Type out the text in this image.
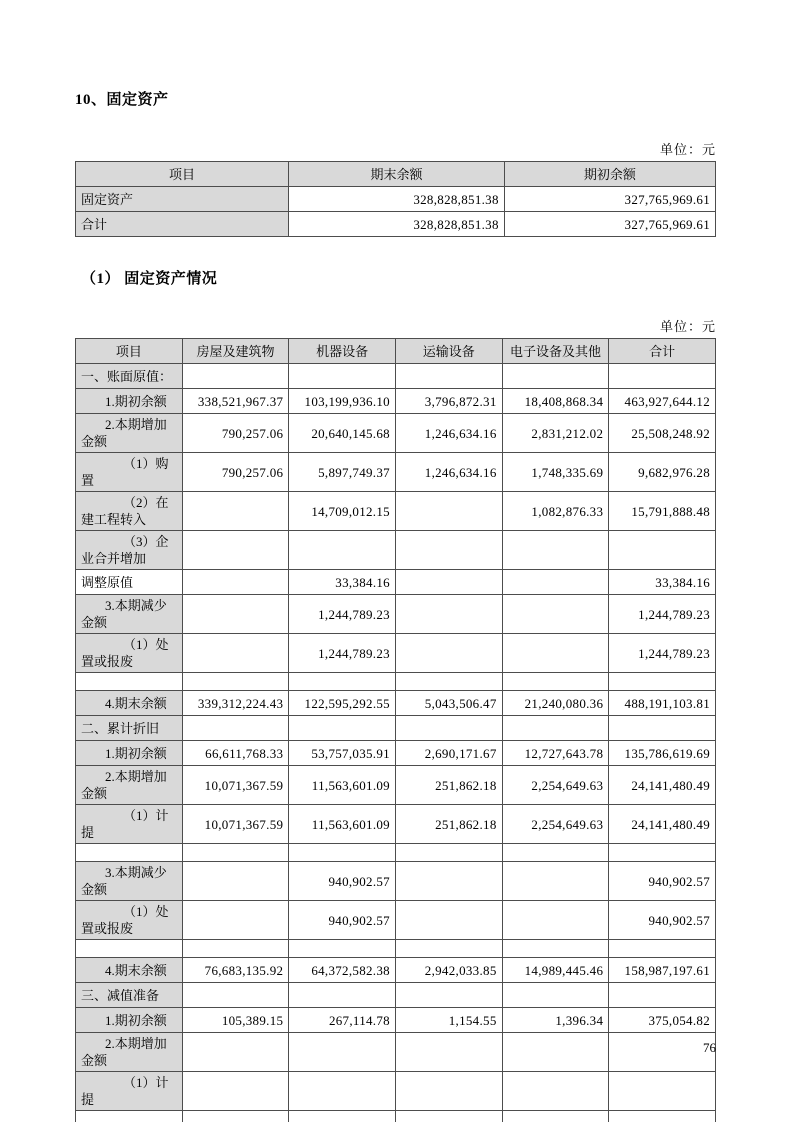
10、固定资产
单位：元
项目	期末余额	期初余额
固定资产	328,828,851.38	327,765,969.61
合计	328,828,851.38	327,765,969.61
（1） 固定资产情况
单位：元
项目	房屋及建筑物	机器设备	运输设备	电子设备及其他	合计
一、账面原值：					
1.期初余额	338,521,967.37	103,199,936.10	3,796,872.31	18,408,868.34	463,927,644.12
2.本期增加金额	790,257.06	20,640,145.68	1,246,634.16	2,831,212.02	25,508,248.92
（1）购置	790,257.06	5,897,749.37	1,246,634.16	1,748,335.69	9,682,976.28
（2）在建工程转入		14,709,012.15		1,082,876.33	15,791,888.48
（3）企业合并增加					
调整原值		33,384.16			33,384.16
3.本期减少金额		1,244,789.23			1,244,789.23
（1）处置或报废		1,244,789.23			1,244,789.23

4.期末余额	339,312,224.43	122,595,292.55	5,043,506.47	21,240,080.36	488,191,103.81
二、累计折旧					
1.期初余额	66,611,768.33	53,757,035.91	2,690,171.67	12,727,643.78	135,786,619.69
2.本期增加金额	10,071,367.59	11,563,601.09	251,862.18	2,254,649.63	24,141,480.49
（1）计提	10,071,367.59	11,563,601.09	251,862.18	2,254,649.63	24,141,480.49

3.本期减少金额		940,902.57			940,902.57
（1）处置或报废		940,902.57			940,902.57

4.期末余额	76,683,135.92	64,372,582.38	2,942,033.85	14,989,445.46	158,987,197.61
三、减值准备					
1.期初余额	105,389.15	267,114.78	1,154.55	1,396.34	375,054.82
2.本期增加金额					
（1）计提					

76
